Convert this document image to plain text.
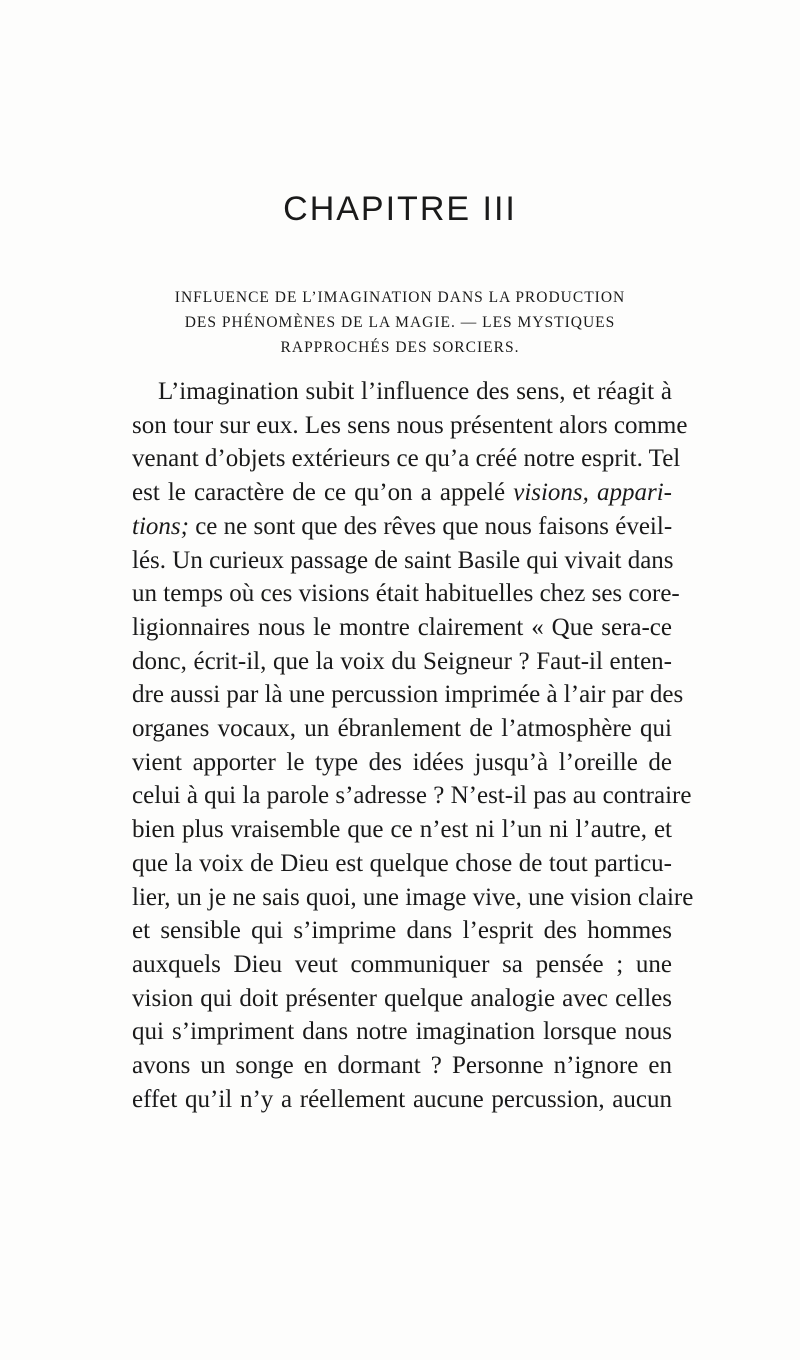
CHAPITRE III
INFLUENCE DE L’IMAGINATION DANS LA PRODUCTION
DES PHÉNOMÈNES DE LA MAGIE. — LES MYSTIQUES
RAPPROCHÉS DES SORCIERS.
L’imagination subit l’influence des sens, et réagit à
son tour sur eux. Les sens nous présentent alors comme
venant d’objets extérieurs ce qu’a créé notre esprit. Tel
est le caractère de ce qu’on a appelé visions, appari-
tions; ce ne sont que des rêves que nous faisons éveil-
lés. Un curieux passage de saint Basile qui vivait dans
un temps où ces visions était habituelles chez ses core-
ligionnaires nous le montre clairement « Que sera-ce
donc, écrit-il, que la voix du Seigneur ? Faut-il enten-
dre aussi par là une percussion imprimée à l’air par des
organes vocaux, un ébranlement de l’atmosphère qui
vient apporter le type des idées jusqu’à l’oreille de
celui à qui la parole s’adresse ? N’est-il pas au contraire
bien plus vraisemble que ce n’est ni l’un ni l’autre, et
que la voix de Dieu est quelque chose de tout particu-
lier, un je ne sais quoi, une image vive, une vision claire
et sensible qui s’imprime dans l’esprit des hommes
auxquels Dieu veut communiquer sa pensée ; une
vision qui doit présenter quelque analogie avec celles
qui s’impriment dans notre imagination lorsque nous
avons un songe en dormant ? Personne n’ignore en
effet qu’il n’y a réellement aucune percussion, aucun
